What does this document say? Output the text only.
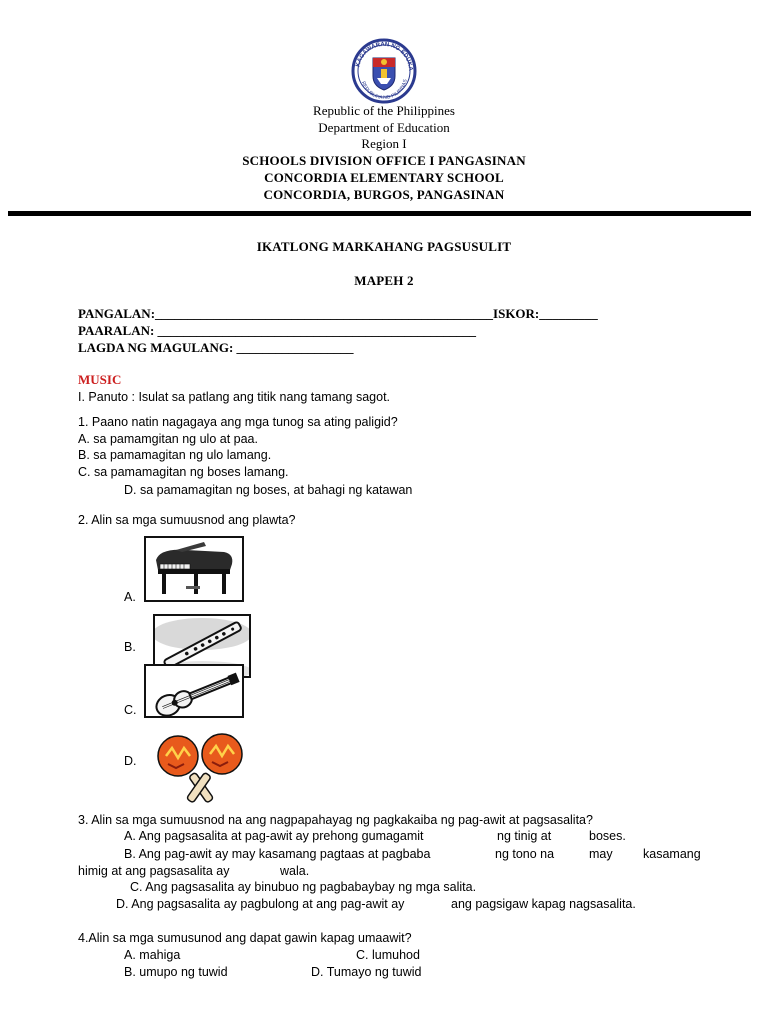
KAGAWARAN NG EDUKA
REPUBLIKA NG PILIPINAS
Republic of the Philippines
Department of Education
Region I
SCHOOLS DIVISION OFFICE I PANGASINAN
CONCORDIA ELEMENTARY SCHOOL
CONCORDIA, BURGOS, PANGASINAN
IKATLONG MARKAHANG PAGSUSULIT
MAPEH 2
PANGALAN:____________________________________________________ISKOR:_________
PAARALAN: _________________________________________________
LAGDA NG MAGULANG: __________________
MUSIC
I. Panuto : Isulat sa patlang ang titik nang tamang sagot.
1. Paano natin nagagaya ang mga tunog sa ating paligid?
A. sa pamamgitan ng ulo at paa.
B. sa pamamagitan ng ulo lamang.
C. sa pamamagitan ng boses lamang.
D. sa pamamagitan ng boses, at bahagi ng katawan
2. Alin sa mga sumuusnod ang plawta?
A.
B.
C.
D.
3. Alin sa mga sumuusnod na ang nagpapahayag ng pagkakaiba ng pag-awit at pagsasalita?
A. Ang pagsasalita at pag-awit ay prehong gumagamit	ng tinig at	boses.
B. Ang pag-awit ay may kasamang pagtaas at pagbaba	ng tono na	may kasamang
himig at ang pagsasalita ay	wala.
C. Ang pagsasalita ay binubuo ng pagbabaybay ng mga salita.
D. Ang pagsasalita ay pagbulong at ang pag-awit ay	ang pagsigaw kapag nagsasalita.
4.Alin sa mga sumusunod ang dapat gawin kapag umaawit?
A. mahiga	C. lumuhod
B. umupo ng tuwid	D. Tumayo ng tuwid
